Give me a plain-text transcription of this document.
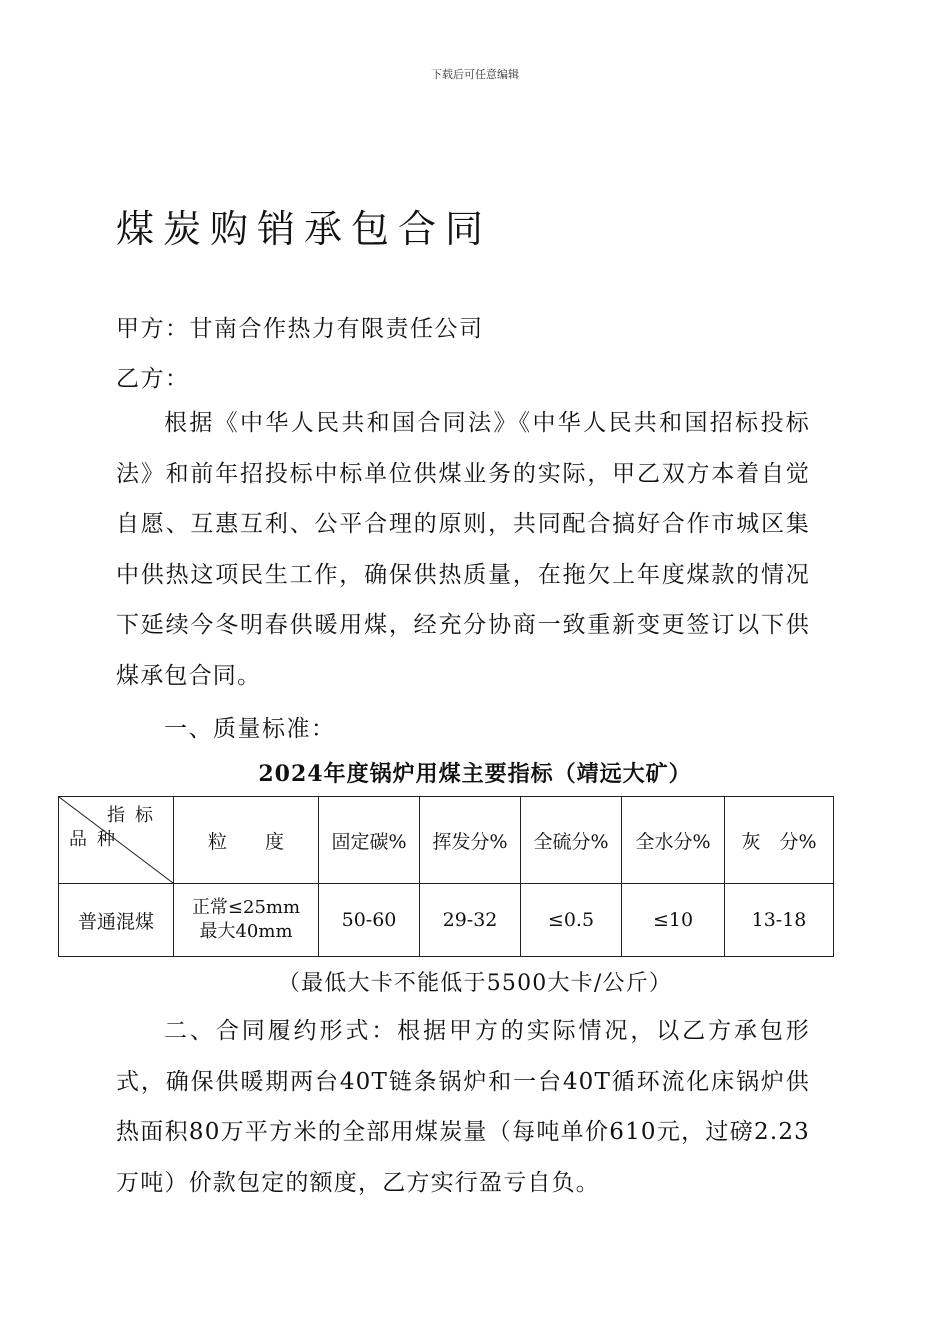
下载后可任意编辑
煤炭购销承包合同
甲方：甘南合作热力有限责任公司
乙方：
根据《中华人民共和国合同法》《中华人民共和国招标投标法》和前年招投标中标单位供煤业务的实际，甲乙双方本着自觉自愿、互惠互利、公平合理的原则，共同配合搞好合作市城区集中供热这项民生工作，确保供热质量，在拖欠上年度煤款的情况下延续今冬明春供暖用煤，经充分协商一致重新变更签订以下供煤承包合同。
一、质量标准：
2024年度锅炉用煤主要指标（靖远大矿）
指标
品种	粒　　度	固定碳%	挥发分%	全硫分%	全水分%	灰　分%
普通混煤	正常≤25mm
最大40mm	50-60	29-32	≤0.5	≤10	13-18
（最低大卡不能低于5500大卡/公斤）
二、合同履约形式：根据甲方的实际情况，以乙方承包形式，确保供暖期两台40T链条锅炉和一台40T循环流化床锅炉供热面积80万平方米的全部用煤炭量（每吨单价610元，过磅2.23万吨）价款包定的额度，乙方实行盈亏自负。
